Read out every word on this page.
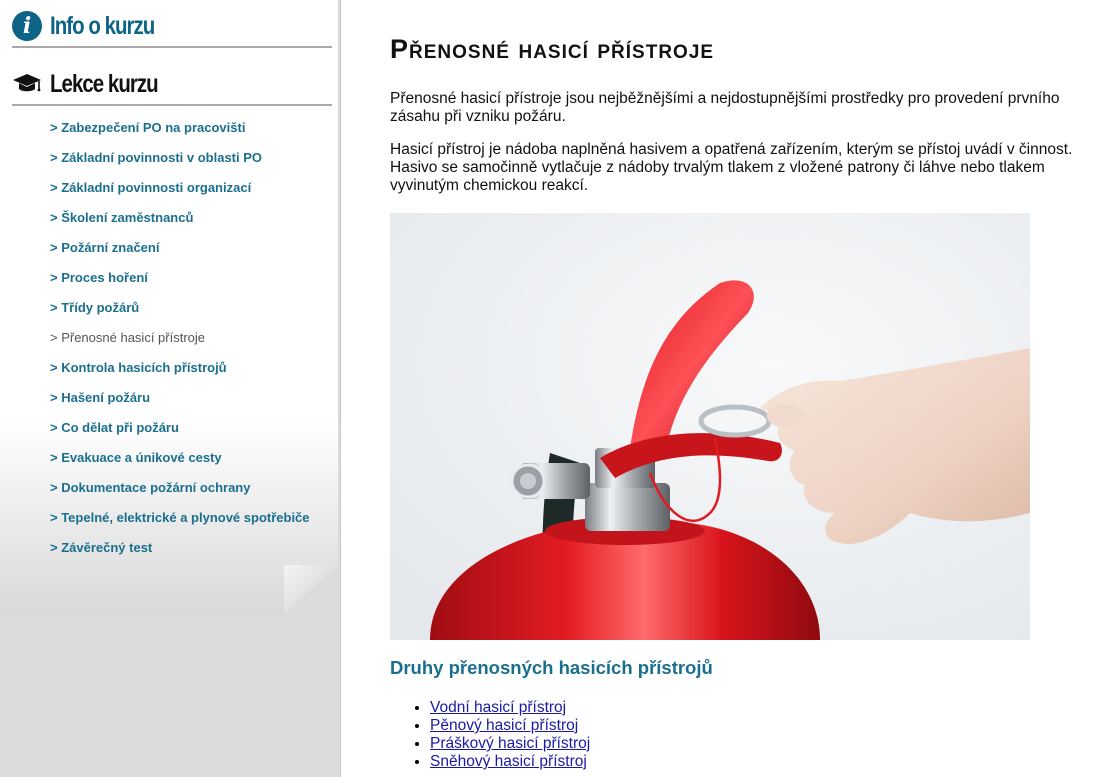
i Info o kurzu
Lekce kurzu
> Zabezpečení PO na pracovišti
> Základní povinnosti v oblasti PO
> Základní povinnosti organizací
> Školení zaměstnanců
> Požární značení
> Proces hoření
> Třídy požárů
> Přenosné hasicí přístroje
> Kontrola hasicích přístrojů
> Hašení požáru
> Co dělat při požáru
> Evakuace a únikové cesty
> Dokumentace požární ochrany
> Tepelné, elektrické a plynové spotřebiče
> Závěrečný test
Přenosné hasicí přístroje

Přenosné hasicí přístroje jsou nejběžnějšími a nejdostupnějšími prostředky pro provedení prvního zásahu při vzniku požáru.

Hasicí přístroj je nádoba naplněná hasivem a opatřená zařízením, kterým se přístoj uvádí v činnost. Hasivo se samočinně vytlačuje z nádoby trvalým tlakem z vložené patrony či láhve nebo tlakem vyvinutým chemickou reakcí.

Druhy přenosných hasicích přístrojů
• Vodní hasicí přístroj
• Pěnový hasicí přístroj
• Práškový hasicí přístroj
• Sněhový hasicí přístroj
